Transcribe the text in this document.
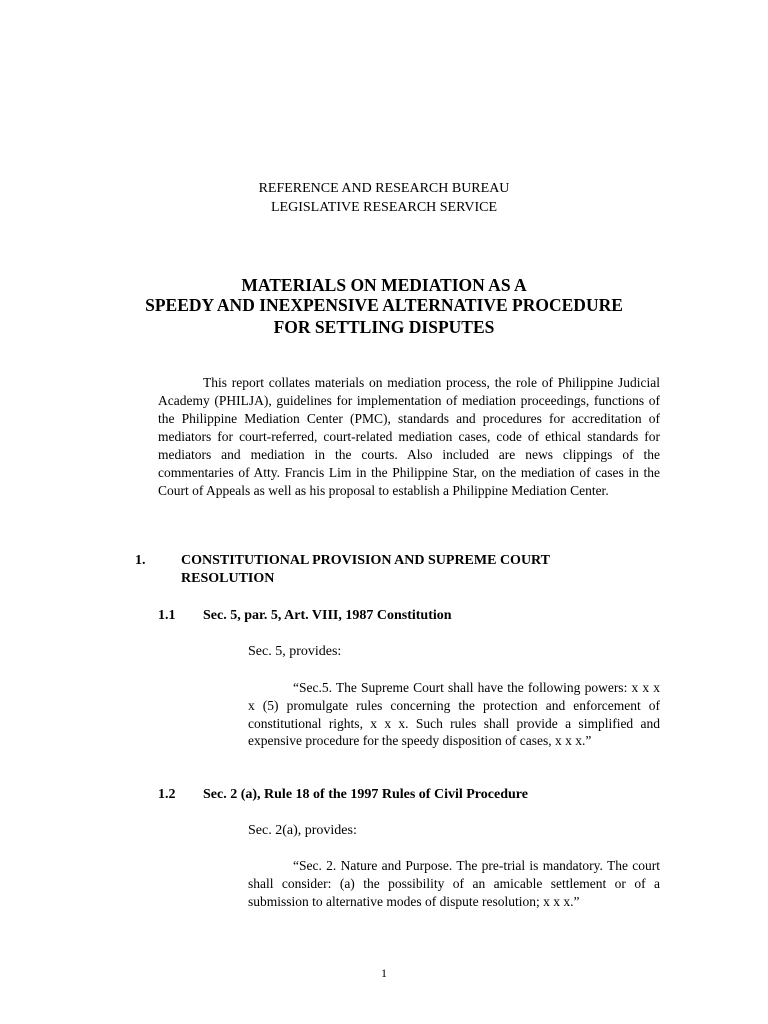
REFERENCE AND RESEARCH BUREAU
LEGISLATIVE RESEARCH SERVICE
MATERIALS ON MEDIATION AS A
SPEEDY AND INEXPENSIVE ALTERNATIVE PROCEDURE
FOR SETTLING DISPUTES

This report collates materials on mediation process, the role of Philippine Judicial Academy (PHILJA), guidelines for implementation of mediation proceedings, functions of the Philippine Mediation Center (PMC), standards and procedures for accreditation of mediators for court-referred, court-related mediation cases, code of ethical standards for mediators and mediation in the courts. Also included are news clippings of the commentaries of Atty. Francis Lim in the Philippine Star, on the mediation of cases in the Court of Appeals as well as his proposal to establish a Philippine Mediation Center.

1.	CONSTITUTIONAL PROVISION AND SUPREME COURT RESOLUTION
1.1 Sec. 5, par. 5, Art. VIII, 1987 Constitution
Sec. 5, provides:

“Sec.5. The Supreme Court shall have the following powers: x x x x (5) promulgate rules concerning the protection and enforcement of constitutional rights, x x x. Such rules shall provide a simplified and expensive procedure for the speedy disposition of cases, x x x.”

1.2 Sec. 2 (a), Rule 18 of the 1997 Rules of Civil Procedure
Sec. 2(a), provides:

“Sec. 2. Nature and Purpose. The pre-trial is mandatory. The court shall consider: (a) the possibility of an amicable settlement or of a submission to alternative modes of dispute resolution; x x x.”

1
